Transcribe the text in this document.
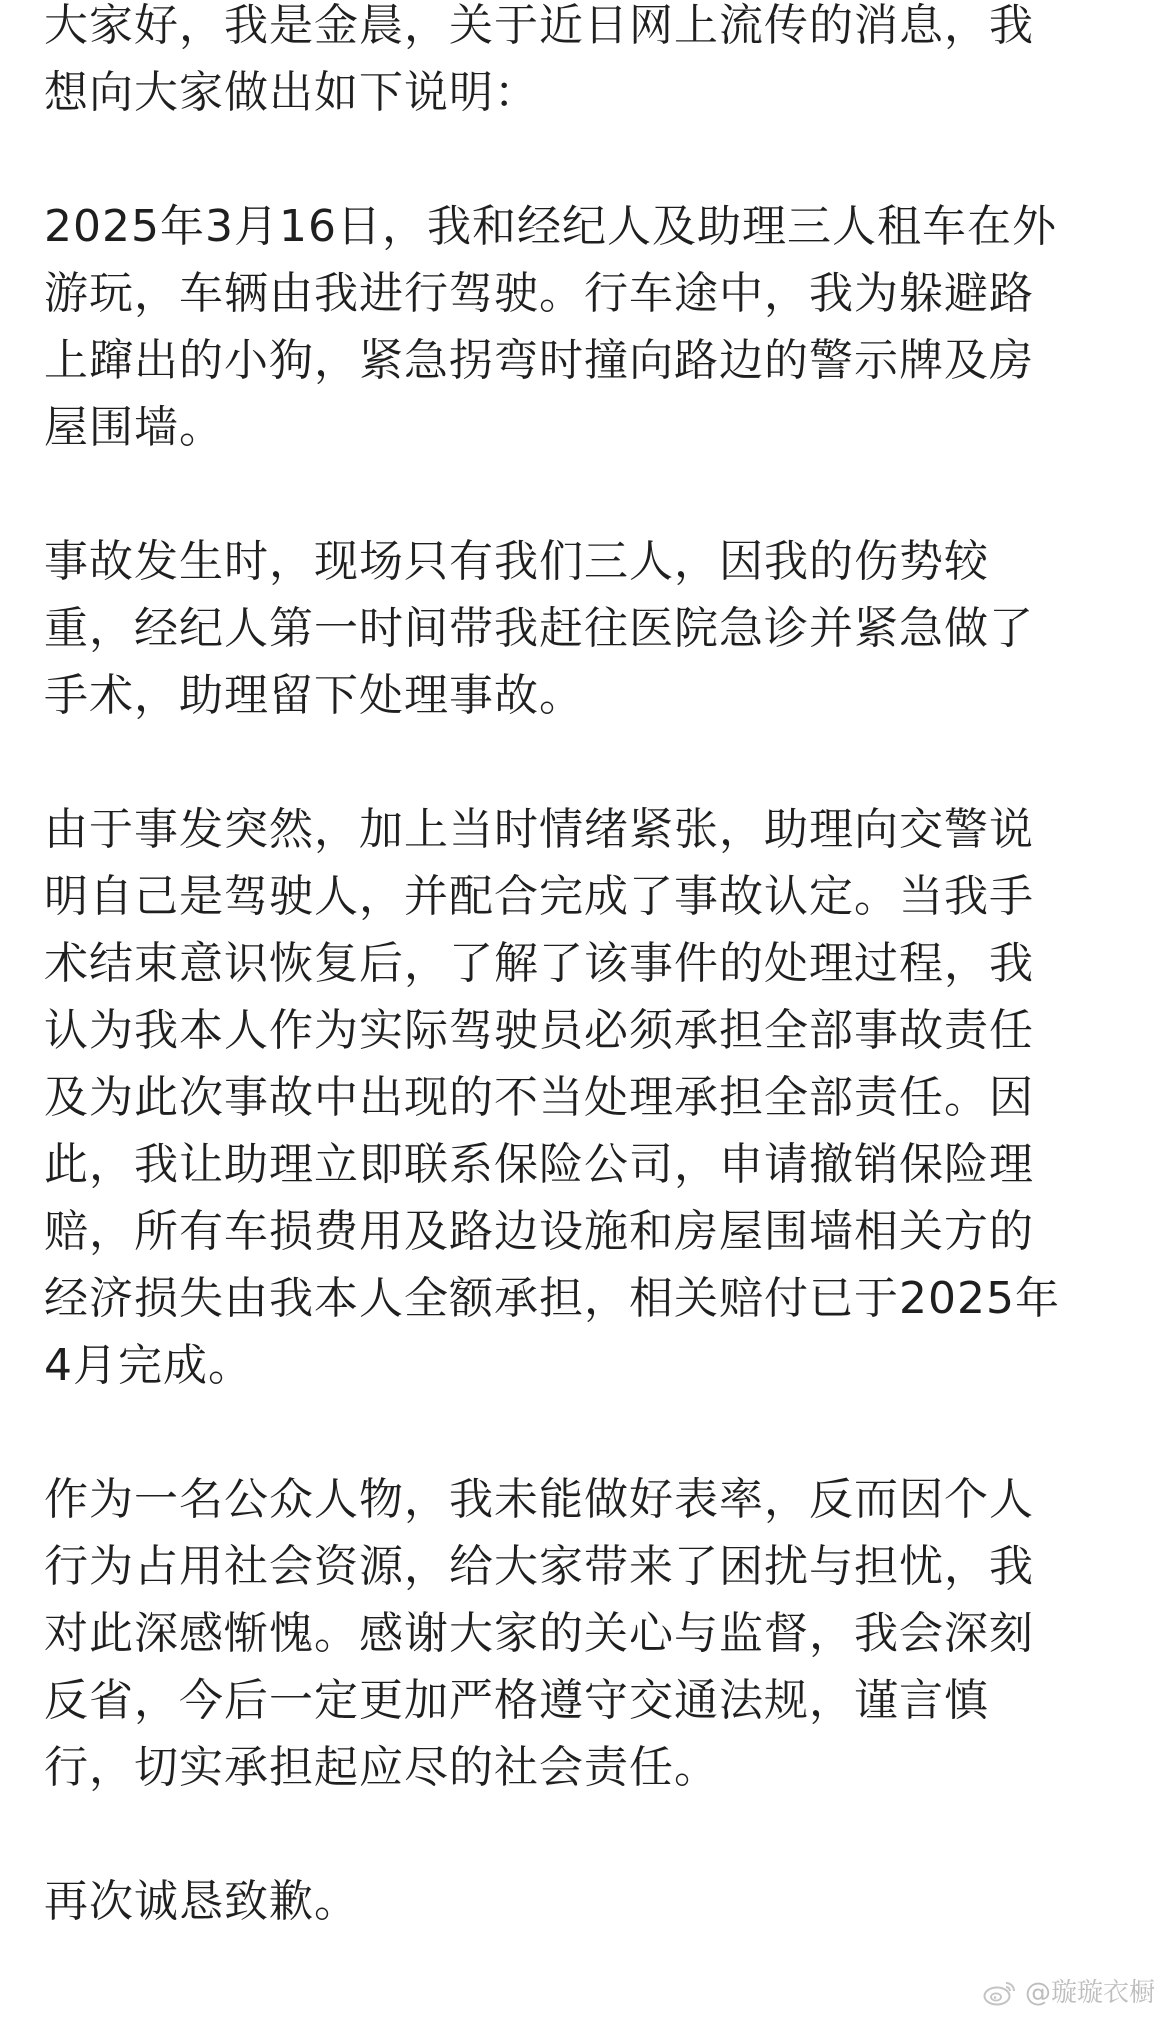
大家好，我是金晨，关于近日网上流传的消息，我
想向大家做出如下说明：
2025年3月16日，我和经纪人及助理三人租车在外
游玩，车辆由我进行驾驶。行车途中，我为躲避路
上蹿出的小狗，紧急拐弯时撞向路边的警示牌及房
屋围墙。
事故发生时，现场只有我们三人，因我的伤势较
重，经纪人第一时间带我赶往医院急诊并紧急做了
手术，助理留下处理事故。
由于事发突然，加上当时情绪紧张，助理向交警说
明自己是驾驶人，并配合完成了事故认定。当我手
术结束意识恢复后，了解了该事件的处理过程，我
认为我本人作为实际驾驶员必须承担全部事故责任
及为此次事故中出现的不当处理承担全部责任。因
此，我让助理立即联系保险公司，申请撤销保险理
赔，所有车损费用及路边设施和房屋围墙相关方的
经济损失由我本人全额承担，相关赔付已于2025年
4月完成。
作为一名公众人物，我未能做好表率，反而因个人
行为占用社会资源，给大家带来了困扰与担忧，我
对此深感惭愧。感谢大家的关心与监督，我会深刻
反省，今后一定更加严格遵守交通法规，谨言慎
行，切实承担起应尽的社会责任。
再次诚恳致歉。
@璇璇衣橱
